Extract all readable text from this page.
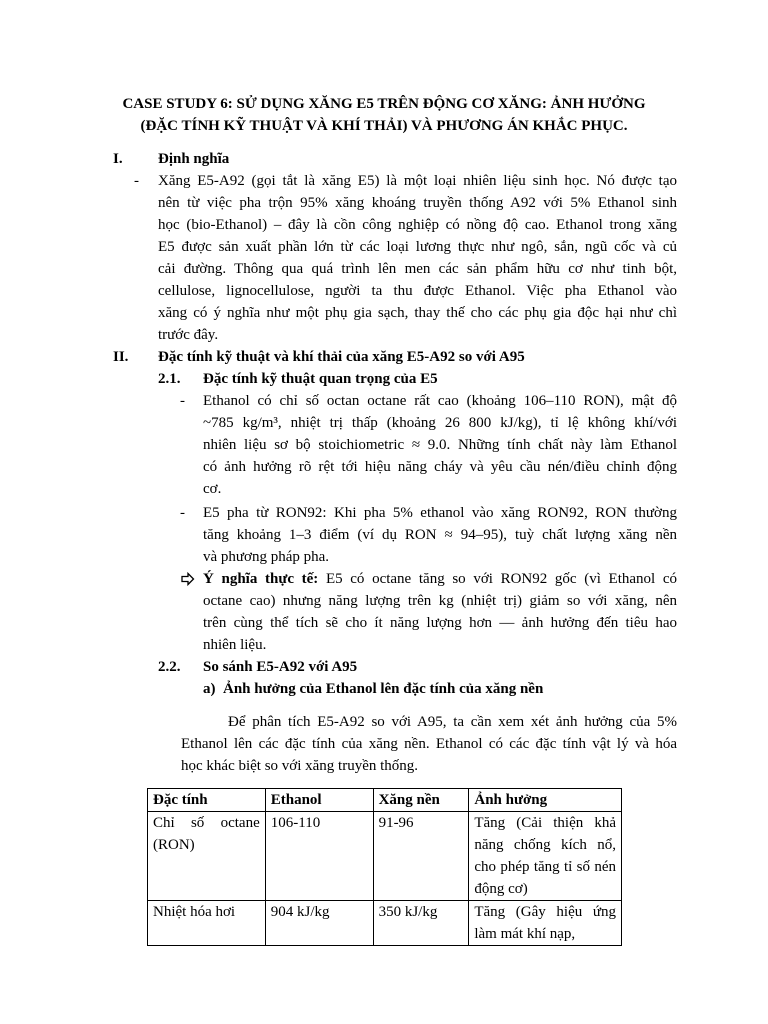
CASE STUDY 6: SỬ DỤNG XĂNG E5 TRÊN ĐỘNG CƠ XĂNG: ẢNH HƯỞNG
(ĐẶC TÍNH KỸ THUẬT VÀ KHÍ THẢI) VÀ PHƯƠNG ÁN KHẮC PHỤC.
I. Định nghĩa
- Xăng E5-A92 (gọi tắt là xăng E5) là một loại nhiên liệu sinh học. Nó được tạo
nên từ việc pha trộn 95% xăng khoáng truyền thống A92 với 5% Ethanol sinh
học (bio-Ethanol) – đây là cồn công nghiệp có nồng độ cao. Ethanol trong xăng
E5 được sản xuất phần lớn từ các loại lương thực như ngô, sắn, ngũ cốc và củ
cải đường. Thông qua quá trình lên men các sản phẩm hữu cơ như tinh bột,
cellulose, lignocellulose, người ta thu được Ethanol. Việc pha Ethanol vào
xăng có ý nghĩa như một phụ gia sạch, thay thế cho các phụ gia độc hại như chì
trước đây.
II. Đặc tính kỹ thuật và khí thải của xăng E5-A92 so với A95
2.1. Đặc tính kỹ thuật quan trọng của E5
- Ethanol có chỉ số octan octane rất cao (khoảng 106–110 RON), mật độ
~785 kg/m³, nhiệt trị thấp (khoảng 26 800 kJ/kg), tỉ lệ không khí/với
nhiên liệu sơ bộ stoichiometric ≈ 9.0. Những tính chất này làm Ethanol
có ảnh hưởng rõ rệt tới hiệu năng cháy và yêu cầu nén/điều chỉnh động
cơ.
- E5 pha từ RON92: Khi pha 5% ethanol vào xăng RON92, RON thường
tăng khoảng 1–3 điểm (ví dụ RON ≈ 94–95), tuỳ chất lượng xăng nền
và phương pháp pha.
Ý nghĩa thực tế: E5 có octane tăng so với RON92 gốc (vì Ethanol có
octane cao) nhưng năng lượng trên kg (nhiệt trị) giảm so với xăng, nên
trên cùng thể tích sẽ cho ít năng lượng hơn — ảnh hưởng đến tiêu hao
nhiên liệu.
2.2. So sánh E5-A92 với A95
a)  Ảnh hưởng của Ethanol lên đặc tính của xăng nền
Để phân tích E5-A92 so với A95, ta cần xem xét ảnh hưởng của 5%
Ethanol lên các đặc tính của xăng nền. Ethanol có các đặc tính vật lý và hóa
học khác biệt so với xăng truyền thống.
Đặc tính	Ethanol	Xăng nền	Ảnh hưởng
Chỉ số octane (RON)	106-110	91-96	Tăng (Cải thiện khả năng chống kích nổ, cho phép tăng tỉ số nén động cơ)
Nhiệt hóa hơi	904 kJ/kg	350 kJ/kg	Tăng (Gây hiệu ứng làm mát khí nạp,
